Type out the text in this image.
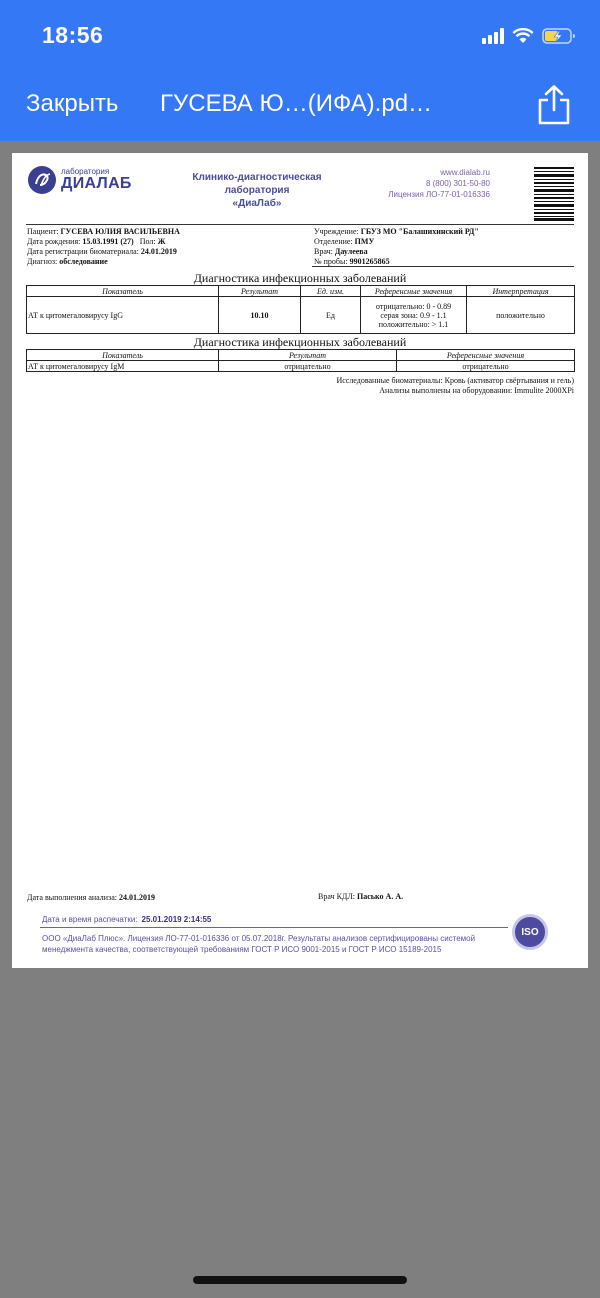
18:56
Закрыть ГУСЕВА Ю…(ИФА).pd…
лаборатория
ДИАЛАБ	Клинико-диагностическая лаборатория
«ДиаЛаб»
www.dialab.ru
8 (800) 301-50-80
Лицензия ЛО-77-01-016336
Пациент: ГУСЕВА ЮЛИЯ ВАСИЛЬЕВНА
Дата рождения: 15.03.1991 (27) Пол: Ж
Дата регистрации биоматериала: 24.01.2019
Диагноз: обследование
Учреждение: ГБУЗ МО "Балашихинский РД"
Отделение: ПМУ
Врач: Даулеева
№ пробы: 9901265865
Диагностика инфекционных заболеваний
Показатель	Результат	Ед. изм.	Референсные значения	Интерпретация
АТ к цитомегаловирусу IgG	10.10	Ед	отрицательно: 0 - 0.89
серая зона: 0.9 - 1.1
положительно: > 1.1	положительно
Диагностика инфекционных заболеваний
Показатель	Результат	Референсные значения
АТ к цитомегаловирусу IgM	отрицательно	отрицательно
Исследованные биоматериалы: Кровь (активатор свёртывания и гель)
Анализы выполнены на оборудовании: Immulite 2000XPi
Дата выполнения анализа: 24.01.2019	Врач КДЛ: Пасько А. А.
Дата и время распечатки: 25.01.2019 2:14:55
ООО «ДиаЛаб Плюс». Лицензия ЛО-77-01-016336 от 05.07.2018г. Результаты анализов сертифицированы системой
менеджмента качества, соответствующей требованиям ГОСТ Р ИСО 9001-2015 и ГОСТ Р ИСО 15189-2015
ISO
